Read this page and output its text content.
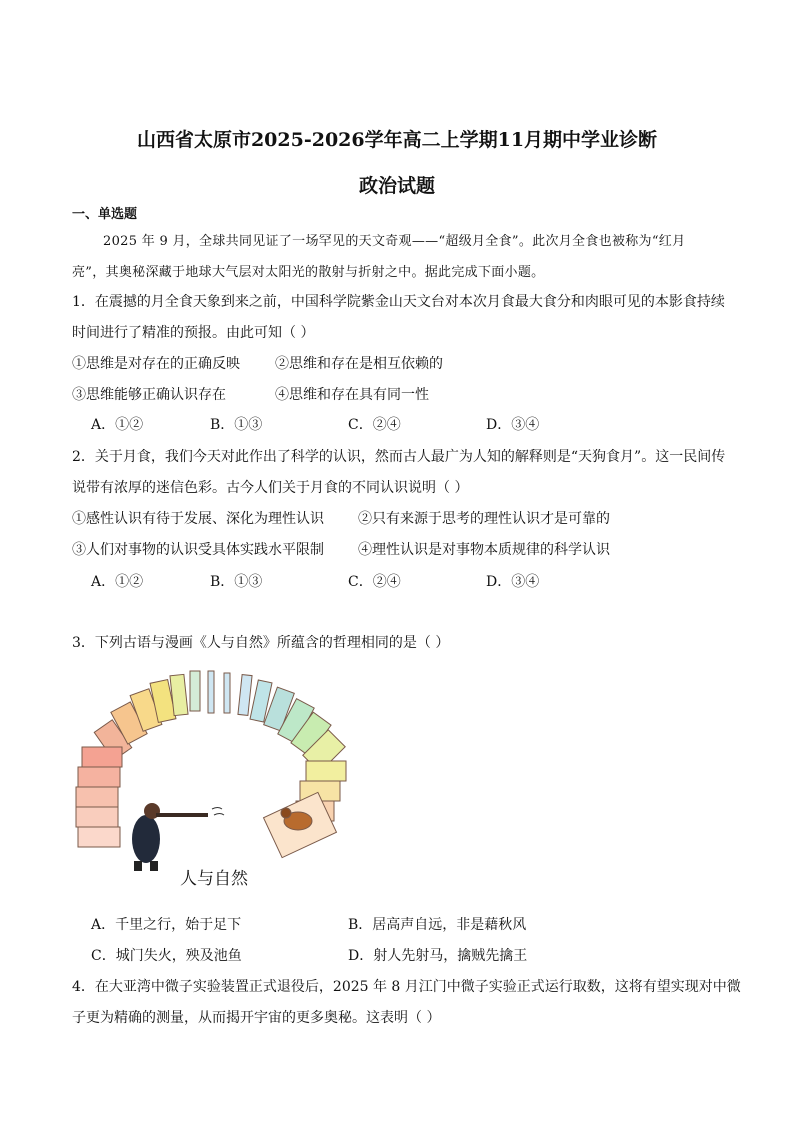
山西省太原市2025-2026学年高二上学期11月期中学业诊断
政治试题
一、单选题
2025 年 9 月，全球共同见证了一场罕见的天文奇观——“超级月全食”。此次月全食也被称为“红月
亮”，其奥秘深藏于地球大气层对太阳光的散射与折射之中。据此完成下面小题。
1．在震撼的月全食天象到来之前，中国科学院紫金山天文台对本次月食最大食分和肉眼可见的本影食持续
时间进行了精准的预报。由此可知（ ）
①思维是对存在的正确反映	②思维和存在是相互依赖的
③思维能够正确认识存在	④思维和存在具有同一性
A．①②	B．①③	C．②④	D．③④
2．关于月食，我们今天对此作出了科学的认识，然而古人最广为人知的解释则是“天狗食月”。这一民间传
说带有浓厚的迷信色彩。古今人们关于月食的不同认识说明（ ）
①感性认识有待于发展、深化为理性认识 ②只有来源于思考的理性认识才是可靠的
③人们对事物的认识受具体实践水平限制 ④理性认识是对事物本质规律的科学认识
A．①②	B．①③	C．②④	D．③④
3．下列古语与漫画《人与自然》所蕴含的哲理相同的是（ ）
人与自然
A．千里之行，始于足下	B．居高声自远，非是藉秋风
C．城门失火，殃及池鱼	D．射人先射马，擒贼先擒王
4．在大亚湾中微子实验装置正式退役后，2025 年 8 月江门中微子实验正式运行取数，这将有望实现对中微
子更为精确的测量，从而揭开宇宙的更多奥秘。这表明（ ）
